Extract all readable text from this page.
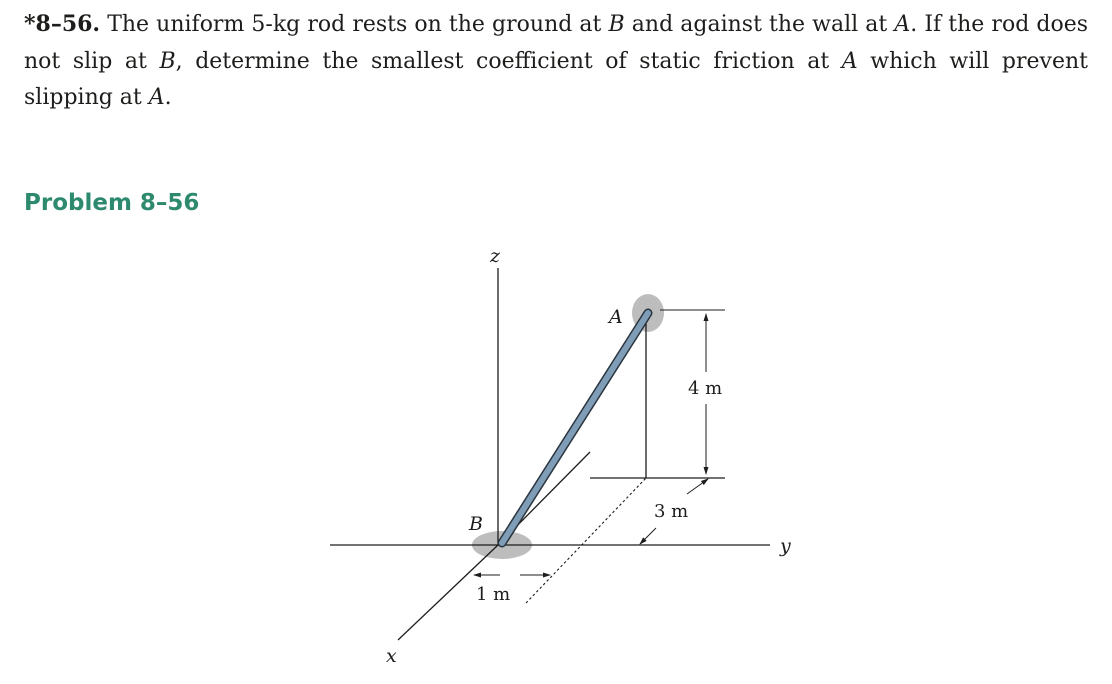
*8–56. The uniform 5-kg rod rests on the ground at B and against the wall at A. If the rod does not slip at B, determine the smallest coefficient of static friction at A which will prevent slipping at A.

Problem 8–56

4 m
3 m
1 m
z
y
x
A
B
